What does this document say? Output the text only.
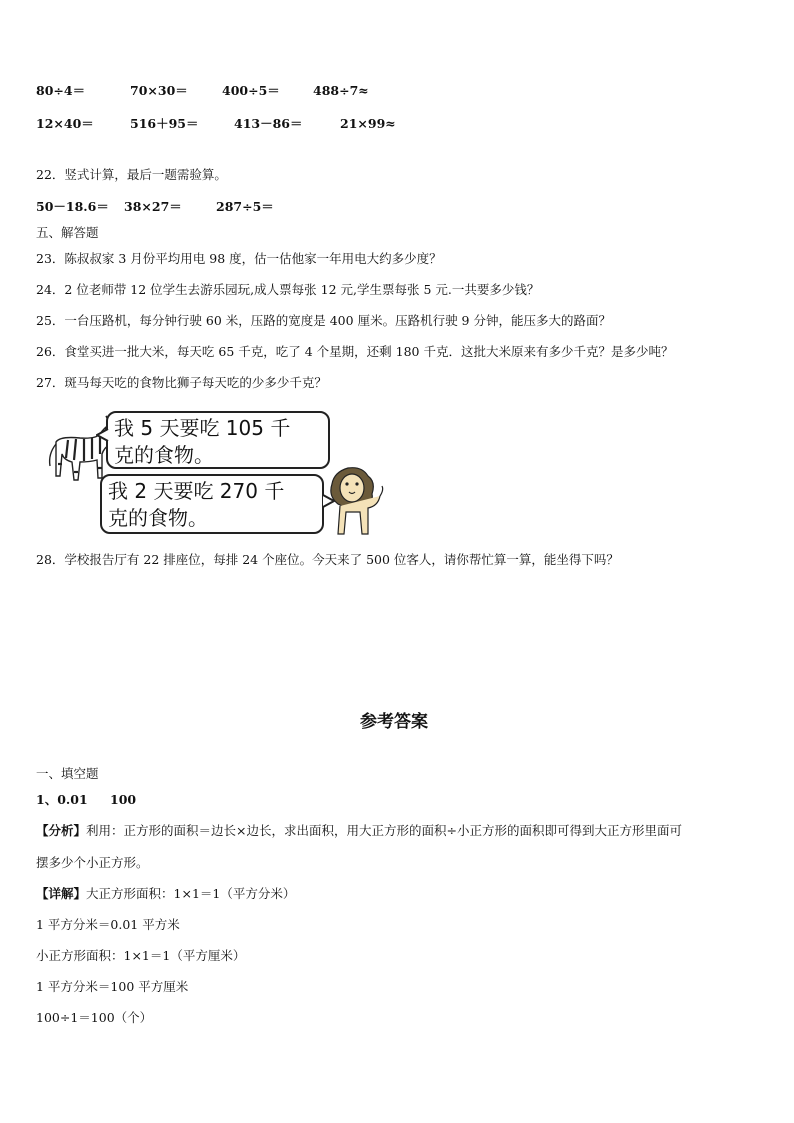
80÷4＝	70×30＝	400÷5＝	488÷7≈
12×40＝	516＋95＝	413－86＝	21×99≈
22．竖式计算，最后一题需验算。
50－18.6＝ 38×27＝	287÷5＝
五、解答题
23．陈叔叔家 3 月份平均用电 98 度，估一估他家一年用电大约多少度？
24．2 位老师带 12 位学生去游乐园玩,成人票每张 12 元,学生票每张 5 元.一共要多少钱？
25．一台压路机，每分钟行驶 60 米，压路的宽度是 400 厘米。压路机行驶 9 分钟，能压多大的路面？
26．食堂买进一批大米，每天吃 65 千克，吃了 4 个星期，还剩 180 千克．这批大米原来有多少千克？是多少吨？
27．斑马每天吃的食物比狮子每天吃的少多少千克？
我 5 天要吃 105 千
克的食物。
我 2 天要吃 270 千
克的食物。
28．学校报告厅有 22 排座位，每排 24 个座位。今天来了 500 位客人，请你帮忙算一算，能坐得下吗？
参考答案
一、填空题
1、0.01 100
【分析】利用：正方形的面积＝边长×边长，求出面积，用大正方形的面积÷小正方形的面积即可得到大正方形里面可
摆多少个小正方形。
【详解】大正方形面积：1×1＝1（平方分米）
1 平方分米＝0.01 平方米
小正方形面积：1×1＝1（平方厘米）
1 平方分米＝100 平方厘米
100÷1＝100（个）
